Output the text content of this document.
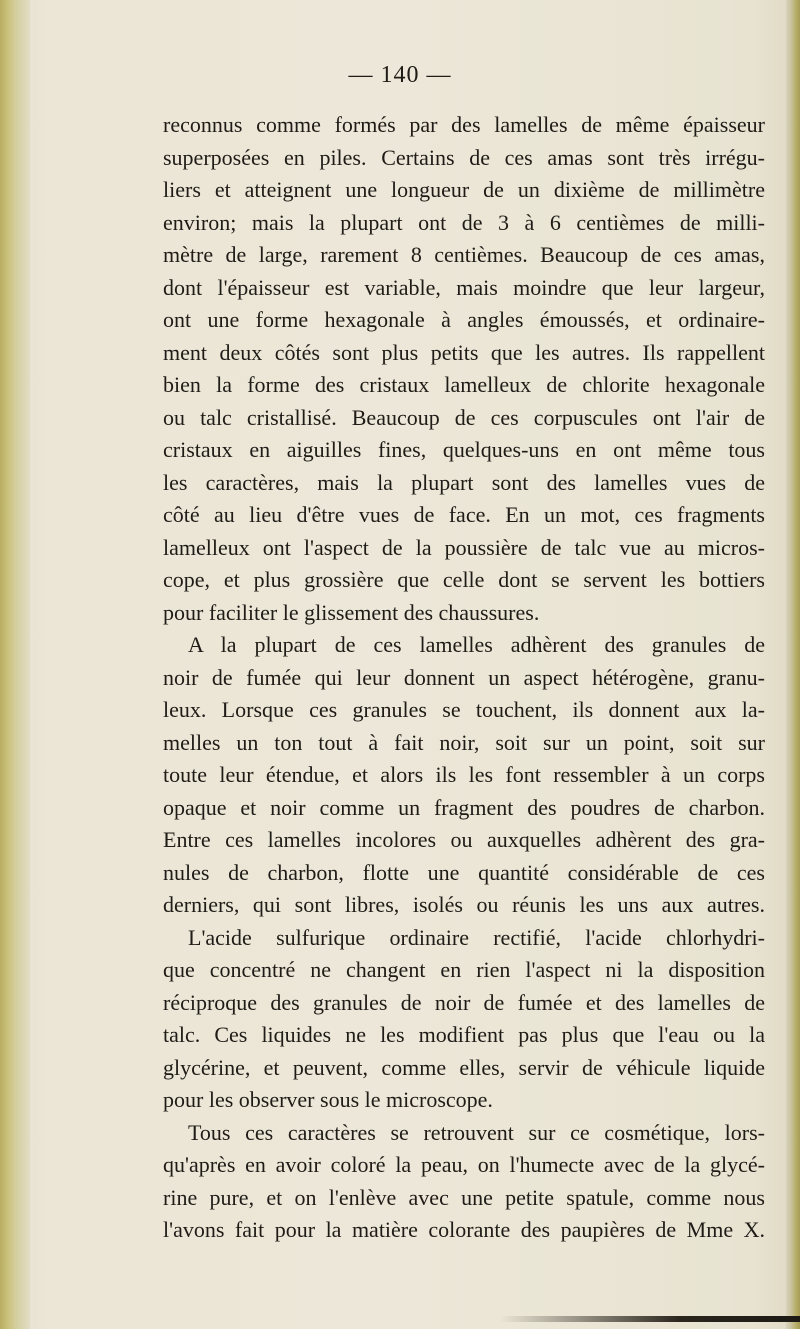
— 140 —
reconnus comme formés par des lamelles de même épaisseur
superposées en piles. Certains de ces amas sont très irrégu-
liers et atteignent une longueur de un dixième de millimètre
environ; mais la plupart ont de 3 à 6 centièmes de milli-
mètre de large, rarement 8 centièmes. Beaucoup de ces amas,
dont l'épaisseur est variable, mais moindre que leur largeur,
ont une forme hexagonale à angles émoussés, et ordinaire-
ment deux côtés sont plus petits que les autres. Ils rappellent
bien la forme des cristaux lamelleux de chlorite hexagonale
ou talc cristallisé. Beaucoup de ces corpuscules ont l'air de
cristaux en aiguilles fines, quelques-uns en ont même tous
les caractères, mais la plupart sont des lamelles vues de
côté au lieu d'être vues de face. En un mot, ces fragments
lamelleux ont l'aspect de la poussière de talc vue au micros-
cope, et plus grossière que celle dont se servent les bottiers
pour faciliter le glissement des chaussures.
A la plupart de ces lamelles adhèrent des granules de
noir de fumée qui leur donnent un aspect hétérogène, granu-
leux. Lorsque ces granules se touchent, ils donnent aux la-
melles un ton tout à fait noir, soit sur un point, soit sur
toute leur étendue, et alors ils les font ressembler à un corps
opaque et noir comme un fragment des poudres de charbon.
Entre ces lamelles incolores ou auxquelles adhèrent des gra-
nules de charbon, flotte une quantité considérable de ces
derniers, qui sont libres, isolés ou réunis les uns aux autres.
L'acide sulfurique ordinaire rectifié, l'acide chlorhydri-
que concentré ne changent en rien l'aspect ni la disposition
réciproque des granules de noir de fumée et des lamelles de
talc. Ces liquides ne les modifient pas plus que l'eau ou la
glycérine, et peuvent, comme elles, servir de véhicule liquide
pour les observer sous le microscope.
Tous ces caractères se retrouvent sur ce cosmétique, lors-
qu'après en avoir coloré la peau, on l'humecte avec de la glycé-
rine pure, et on l'enlève avec une petite spatule, comme nous
l'avons fait pour la matière colorante des paupières de Mme X.
